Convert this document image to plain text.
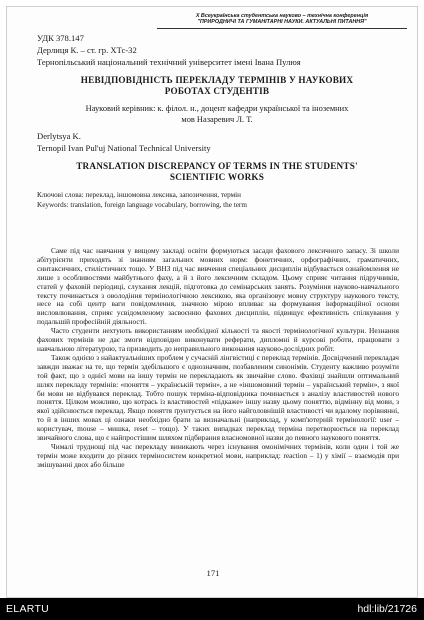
X Всеукраїнська студентська науково – технічна конференція
"ПРИРОДНИЧІ ТА ГУМАНІТАРНІ НАУКИ. АКТУАЛЬНІ ПИТАННЯ"
УДК 378.147
Дерлиця К. – ст. гр. ХТс-32
Тернопільський національний технічний університет імені Івана Пулюя
НЕВІДПОВІДНІСТЬ ПЕРЕКЛАДУ ТЕРМІНІВ У НАУКОВИХ
РОБОТАХ СТУДЕНТІВ
Науковий керівник: к. філол. н., доцент кафедри української та іноземних
мов Назаревич Л. Т.
Derlytsya K.
Ternopil Ivan Pul'uj National Technical University
TRANSLATION DISCREPANCY OF TERMS IN THE STUDENTS'
SCIENTIFIC WORKS
Ключові слова: переклад, іншомовна лексика, запозичення, термін
Keywords: translation, foreign language vocabulary, borrowing, the term

Саме під час навчання у вищому закладі освіти формуються засади фахового лексичного запасу. Зі школи абітурієнти приходять зі знанням загальних мовних норм: фонетичних, орфографічних, граматичних, синтаксичних, стилістичних тощо. У ВНЗ під час вивчення спеціальних дисциплін відбувається ознайомлення не лише з особливостями майбутнього фаху, а й з його лексичним складом. Цьому сприяє читання підручників, статей у фаховій періодиці, слухання лекцій, підготовка до семінарських занять. Розуміння науково-навчального тексту починається з оволодіння термінологічною лексикою, яка організовує мовну структуру наукового тексту, несе на собі центр ваги повідомлення, значною мірою впливає на формування інформаційної основи висловлювання, сприяє усвідомленому засвоєнню фахових дисциплін, підвищує ефективність спілкування у подальшій професійній діяльності.

Часто студенти нехтують використанням необхідної кількості та якості термінологічної культури. Незнання фахових термінів не дає змоги відповідно виконувати реферати, дипломні й курсові роботи, працювати з навчальною літературою, та призводить до неправильного виконання науково-дослідних робіт.

Також однією з найактуальніших проблем у сучасній лінгвістиці є переклад термінів. Досвідчений перекладач завжди зважає на те, що термін здебільшого є однозначним, позбавленим синонімів. Студенту важливо розуміти той факт, що з однієї мови на іншу термін не перекладають як звичайне слово. Фахівці знайшли оптимальний шлях перекладу термінів: «поняття – українській термін», а не «іншомовний термін – український термін», з якої би мови не відбувався переклад. Тобто пошук терміна-відповідника починається з аналізу властивостей нового поняття. Цілком можливо, що котрась із властивостей «підкаже» іншу назву цьому поняттю, відмінну від мови, з якої здійснюється переклад. Якщо поняття ґрунтується на його найголовнішій властивості чи вдалому порівнянні, то й в інших мовах ці ознаки необхідно брати за визначальні (наприклад, у комп'ютерній термінології: user – користувач, mouse – мишка, reset – тощо). У таких випадках переклад терміна перетворюється на переклад звичайного слова, що є найпростішим шляхом підбирання власномовної назви до певного наукового поняття.

Чималі труднощі під час перекладу виникають через існування омонімічних термінів, коли один і той же термін може входити до різних терміносистем конкретної мови, наприклад: reaction – 1) у хімії – взаємодія при змішуванні двох або більше

171
ELARTU	hdl:lib/21726
